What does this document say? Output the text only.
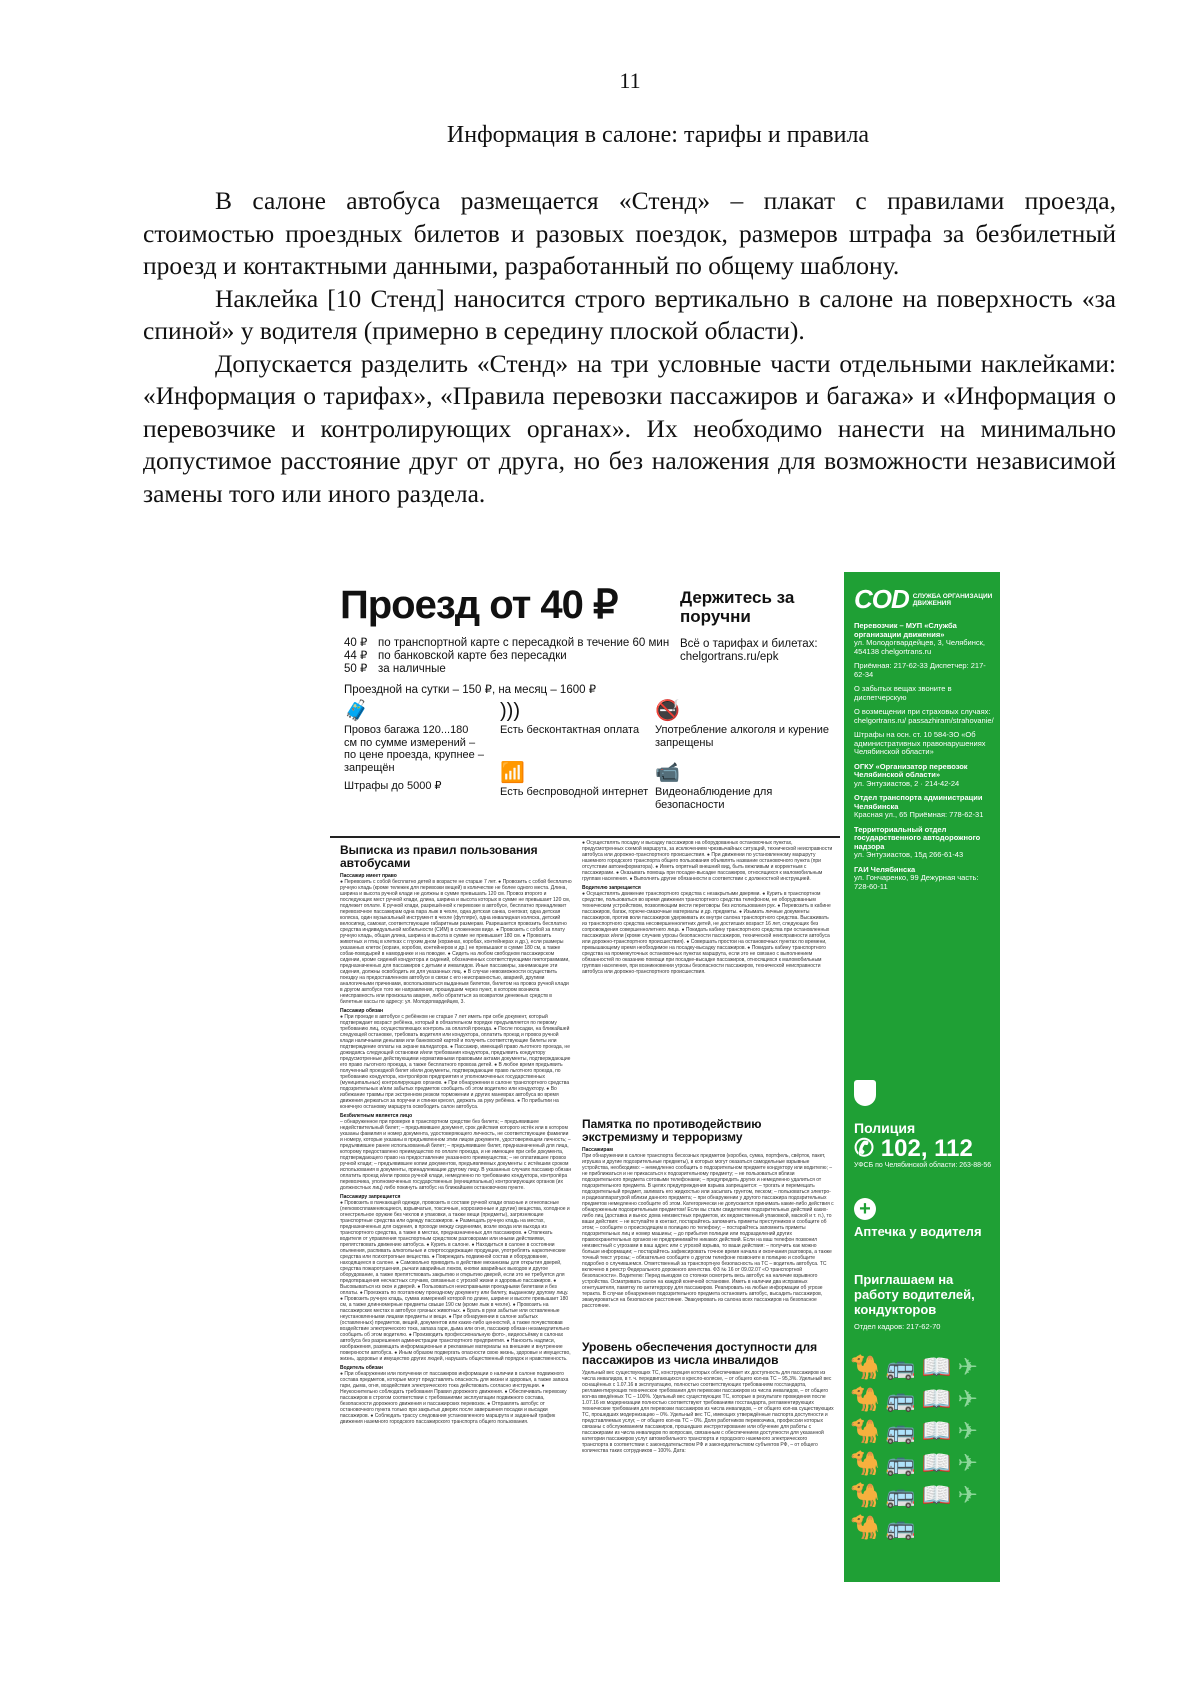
11
Информация в салоне: тарифы и правила

В салоне автобуса размещается «Стенд» – плакат с правилами проезда, стоимостью проездных билетов и разовых поездок, размеров штрафа за безбилетный проезд и контактными данными, разработанный по общему шаблону.

Наклейка [10 Стенд] наносится строго вертикально в салоне на поверхность «за спиной» у водителя (примерно в середину плоской области).

Допускается разделить «Стенд» на три условные части отдельными наклейками: «Информация о тарифах», «Правила перевозки пассажиров и багажа» и «Информация о перевозчике и контролирующих органах». Их необходимо нанести на минимально допустимое расстояние друг от друга, но без наложения для возможности независимой замены того или иного раздела.

Проезд от 40 ₽	Держитесь за поручни
40 ₽ по транспортной карте с пересадкой в течение 60 мин
44 ₽ по банковской карте без пересадки
50 ₽ за наличные
Проездной на сутки – 150 ₽, на месяц – 1600 ₽
Всё о тарифах и билетах: chelgortrans.ru/epk
🧳
Провоз багажа 120...180 см по сумме измерений – по цене проезда, крупнее – запрещён
Штрафы до 5000 ₽
)))
Есть бесконтактная оплата
📶
Есть беспроводной интернет
🚭
Употребление алкоголя и курение запрещены
📹
Видеонаблюдение для безопасности
Выписка из правил пользования автобусами
Пассажир имеет право

● Перевозить с собой бесплатно детей в возрасте не старше 7 лет. ● Провозить с собой бесплатно ручную кладь (кроме тележек для перевозки вещей) в количестве не более одного места. Длина, ширина и высота ручной клади не должны в сумме превышать 120 см. Провоз второго и последующих мест ручной клади, длина, ширина и высота которых в сумме не превышает 120 см, подлежит оплате. К ручной клади, разрешённой к перевозке в автобусе, бесплатно принадлежит перевозочное пассажирам одна пара лыж в чехле, одна детская санка, снегокат, одна детская коляска, один музыкальный инструмент в чехле (футляре), одна инвалидная коляска, детский велосипед, самокат, соответствующие габаритным размерам. Разрешается провозить бесплатно средства индивидуальной мобильности (СИМ) в сложенном виде. ● Провозить с собой за плату ручную кладь, общая длина, ширина и высота в сумме не превышает 180 см. ● Провозить животных и птиц в клетках с глухим дном (корзинах, коробах, контейнерах и др.), если размеры указанных клеток (корзин, коробов, контейнеров и др.) не превышают в сумме 180 см, а также собак-поводырей в наморднике и на поводке. ● Сидеть на любом свободном пассажирском сидении, кроме сидений кондуктора и сидений, обозначенных соответствующими пиктограммами, предназначенных для пассажиров с детьми и инвалидов. Иные пассажиры, занимающие эти сидения, должны освободить их для указанных лиц. ● В случае невозможности осуществить поездку на предоставленном автобусе в связи с его неисправностью, аварией, другими аналогичными причинами, воспользоваться выданным билетом, билетом на провоз ручной клади в другом автобусе того же направления, прошедшим через пункт, в котором возникла неисправность или произошла авария, либо обратиться за возвратом денежных средств в билетные кассы по адресу: ул. Молодогвардейцев, 3.

Пассажир обязан

● При проезде в автобусе с ребёнком не старше 7 лет иметь при себе документ, который подтверждает возраст ребёнка, который в обязательном порядке предъявляется по первому требованию лиц, осуществляющих контроль за оплатой проезда. ● После посадки, на ближайшей следующей остановке, требовать водителя или кондуктора, оплатить проезд и провоз ручной клади наличными деньгами или банковской картой и получить соответствующие билеты или подтверждение оплаты на экране валидатора. ● Пассажир, имеющий право льготного проезда, не дожидаясь следующей остановки и/или требования кондуктора, предъявить кондуктору предусмотренные действующими нормативными правовыми актами документы, подтверждающие его право льготного проезда, а также бесплатного провоза детей. ● В любое время предъявить полученный проездной билет и/или документы, подтверждающие право льготного проезда, по требованию кондуктора, контролёров предприятия и уполномоченных государственных (муниципальных) контролирующих органов. ● При обнаружении в салоне транспортного средства подозрительных и/или забытых предметов сообщить об этом водителю или кондуктору. ● Во избежание травмы при экстренном резком торможении и других маневрах автобуса во время движения держаться за поручни и спинки кресел, держать за руку ребёнка. ● По прибытии на конечную остановку маршрута освободить салон автобуса.

Безбилетным является лицо

– обнаруженное при проверке в транспортном средстве без билета; – предъявившее недействительный билет; – предъявившее документ, срок действия которого истёк или в котором указаны фамилия и номер документа, удостоверяющего личность, не соответствующие фамилии и номеру, которые указаны в предъявленном этим лицом документе, удостоверяющем личность; – предъявившее ранее использованный билет; – предъявившее билет, предназначенный для лица, которому предоставлено преимущество по оплате проезда, и не имеющее при себе документа, подтверждающего право на предоставление указанного преимущества; – не оплатившее провоз ручной клади; – предъявившее копии документов, предъявляемых документы с истёкшим сроком использования в документы, принадлежащие другому лицу. В указанных случаях пассажир обязан оплатить проезд и/или провоз ручной клади, немедленно по требованию кондуктора, контролёра перевозчика, уполномоченных государственных (муниципальных) контролирующих органов (их должностных лиц) либо покинуть автобус на ближайшем остановочном пункте.

Пассажиру запрещается

● Провозить в пачкающей одежде, провозить в составе ручной клади опасные и огнеопасные (легковоспламеняющиеся, взрывчатые, токсичные, коррозионные и другие) вещества, холодное и огнестрельное оружие без чехлов и упаковки, а также вещи (предметы), загрязняющие транспортные средства или одежду пассажиров. ● Размещать ручную кладь на местах, предназначенных для сидения, в проходе между сидениями, возле входа или выхода из транспортного средства, а также в местах, предназначенных для пассажиров. ● Отвлекать водителя от управления транспортным средством разговорами или иными действиями, препятствовать движению автобуса. ● Курить в салоне. ● Находиться в салоне в состоянии опьянения, распивать алкогольные и спиртосодержащие продукции, употреблять наркотические средства или психотропные вещества. ● Повреждать подвижной состав и оборудование, находящееся в салоне. ● Самовольно приводить в действие механизмы для открытия дверей, средства пожаротушения, рычаги аварийных люков, кнопки аварийных выходов и другое оборудование, а также препятствовать закрытию и открытию дверей, если это не требуется для предотвращения несчастных случаев, связанных с угрозой жизни и здоровью пассажиров. ● Высовываться из окон и дверей. ● Пользоваться неисправными проездными билетами и без оплаты. ● Проезжать по поэтапному проездному документу или билету, выданному другому лицу. ● Провозить ручную кладь, сумма измерений которой по длине, ширине и высоте превышает 180 см, а также длинномерные предметы свыше 190 см (кроме лыж в чехле). ● Провозить на пассажирских местах в автобусе грязных животных. ● Брать в руки забытые или оставленные неустановленными лицами предметы и вещи. ● При обнаружении в салоне забытых (оставленных) предметов, вещей, документов или каких-либо ценностей, а также почувствовав воздействие электрического тока, запаха гари, дыма или огня, пассажир обязан незамедлительно сообщить об этом водителю. ● Производить профессиональную фото-, видеосъёмку в салонах автобуса без разрешения администрации транспортного предприятия. ● Наносить надписи, изображения, размещать информационные и рекламные материалы на внешние и внутренние поверхности автобуса. ● Иным образом подвергать опасности свою жизнь, здоровье и имущество, жизнь, здоровье и имущество других людей, нарушать общественный порядок и нравственность.

Водитель обязан

● При обнаружении или получении от пассажиров информации о наличии в салоне подвижного состава предметов, которые могут представлять опасность для жизни и здоровья, а также запаха гари, дыма, огня, воздействия электрического тока действовать согласно инструкции. ● Неукоснительно соблюдать требования Правил дорожного движения. ● Обеспечивать перевозку пассажиров в строгом соответствии с требованиями эксплуатации подвижного состава, безопасности дорожного движения и пассажирских перевозок. ● Отправлять автобус от остановочного пункта только при закрытых дверях после завершения посадки и высадки пассажиров. ● Соблюдать трассу следования установленного маршрута и заданный график движения наземного городского пассажирского транспорта общего пользования.

● Осуществлять посадку и высадку пассажиров на оборудованных остановочных пунктах, предусмотренных схемой маршрута, за исключением чрезвычайных ситуаций, технической неисправности автобуса или дорожно-транспортного происшествия. ● При движении по установленному маршруту наземного городского транспорта общего пользования объявлять название остановочного пункта (при отсутствии автоинформатора). ● Иметь опрятный внешний вид, быть вежливым и корректным с пассажирами. ● Оказывать помощь при посадке-высадке пассажиров, относящихся к маломобильным группам населения. ● Выполнять другие обязанности в соответствии с должностной инструкцией.

Водителю запрещается

● Осуществлять движение транспортного средства с незакрытыми дверями. ● Курить в транспортном средстве, пользоваться во время движения транспортного средства телефоном, не оборудованным техническим устройством, позволяющим вести переговоры без использования рук. ● Перевозить в кабине пассажиров, багаж, горюче-смазочные материалы и др. предметы. ● Изымать личные документы пассажиров, против воли пассажиров удерживать их внутри салона транспортного средства. Высаживать из транспортного средства несовершеннолетних детей, не достигших возраст 16 лет, следующих без сопровождения совершеннолетнего лица. ● Покидать кабину транспортного средства при остановленных пассажирах и/или (кроме случаев угрозы безопасности пассажиров, технической неисправности автобуса или дорожно-транспортного происшествия). ● Совершать простои на остановочных пунктах по времени, превышающему время необходимое на посадку-высадку пассажиров. ● Покидать кабину транспортного средства на промежуточных остановочных пунктах маршрута, если это не связано с выполнением обязанностей по оказанию помощи при посадке-высадке пассажиров, относящихся к маломобильным группам населения, при возникновении угрозы безопасности пассажиров, технической неисправности автобуса или дорожно-транспортного происшествия.

Памятка по противодействию экстремизму и терроризму
Пассажирам

При обнаружении в салоне транспорта бесхозных предметов (коробка, сумка, портфель, свёрток, пакет, игрушка и другие подозрительные предметы), в которых могут оказаться самодельные взрывные устройства, необходимо: – немедленно сообщить о подозрительном предмете кондуктору или водителю; – не приближаться и не прикасаться к подозрительному предмету; – не пользоваться вблизи подозрительного предмета сотовыми телефонами; – предупредить других и немедленно удалиться от подозрительного предмета. В целях предупреждения взрыва запрещается: – трогать и перемещать подозрительный предмет, заливать его жидкостью или засыпать грунтом, песком; – пользоваться электро- и радиоаппаратурой вблизи данного предмета; – при обнаружении у другого пассажира подозрительных предметов немедленно сообщите об этом. Категорически не допускается принимать какие-либо действия с обнаруженным подозрительным предметом! Если вы стали свидетелем подозрительных действий каких-либо лиц (доставка и вынос дома неизвестных предметов, их ведомственный упаковкой, маской и т. п.), то ваши действия: – не вступайте в контакт, постарайтесь запомнить приметы преступников и сообщите об этом; – сообщите о происходящем в полицию по телефону; – постарайтесь запомнить приметы подозрительных лиц и номер машины; – до прибытия полиции или подразделений других правоохранительных органов не предпринимайте никаких действий. Если на ваш телефон позвонил неизвестный с угрозами в ваш адрес или с угрозой взрыва, то ваши действия: – получить как можно больше информации; – постарайтесь зафиксировать точное время начала и окончания разговора, а также точный текст угрозы; – обязательно сообщите о другом телефоне позвоните в полицию и сообщите подробно о случившемся. Ответственный за транспортную безопасность на ТС – водитель автобуса. ТС включено в реестр Федерального дорожного агентства. ФЗ № 16 от 09.02.07 «О транспортной безопасности». Водителю: Перед выездом со стоянки осмотреть весь автобус на наличие взрывного устройства. Осматривать салон на каждой конечной остановке. Иметь в наличии два исправных огнетушителя, памятку по антитеррору для пассажиров. Реагировать на любые информации об угрозе теракта. В случае обнаружения подозрительного предмета остановить автобус, высадить пассажиров, эвакуироваться на безопасное расстояние. Эвакуировать из салона всех пассажиров на безопасное расстояние.

Уровень обеспечения доступности для пассажиров из числа инвалидов

Удельный вес существующих ТС, конструкция которых обеспечивает их доступность для пассажиров из числа инвалидов, в т. ч. передвигающихся в кресло-коляске, – от общего кол-ва ТС – 95,3%. Удельный вес оснащённых с 1.07.16 в эксплуатацию, полностью соответствующих требованиям госстандарта, регламентирующих техническое требования для перевозки пассажиров из числа инвалидов, – от общего кол-ва введённых ТС – 100%. Удельный вес существующих ТС, которые в результате проведения после 1.07.16 их модернизации полностью соответствуют требованиям госстандарта, регламентирующих технические требования для перевозки пассажиров из числа инвалидов, – от общего кол-ва существующих ТС, прошедших модернизацию – 0%. Удельный вес ТС, имеющих утверждённые паспорта доступности и представляемых услуг, – от общего кол-ва ТС – 0%. Доля работников перевозчика, профессии которых связаны с обслуживанием пассажиров, прошедших инструктирование или обучение для работы с пассажирами из числа инвалидов по вопросам, связанным с обеспечением доступности для указанной категории пассажиров услуг автомобильного транспорта и городского наземного электрического транспорта в соответствии с законодательством РФ и законодательством субъектов РФ, – от общего количества таких сотрудников – 100%. Дата:

COD СЛУЖБА ОРГАНИЗАЦИИ ДВИЖЕНИЯ

Перевозчик – МУП «Служба организации движения»
ул. Молодогвардейцев, 3, Челябинск, 454138 chelgortrans.ru

Приёмная: 217-62-33 Диспетчер: 217-62-34

О забытых вещах звоните в диспетчерскую

О возмещении при страховых случаях: chelgortrans.ru/ passazhiram/strahovanie/

Штрафы на осн. ст. 10 584-ЗО «Об административных правонарушениях Челябинской области»

ОГКУ «Организатор перевозок Челябинской области»
ул. Энтузиастов, 2 · 214-42-24

Отдел транспорта администрации Челябинска
Красная ул., 65 Приёмная: 778-62-31

Территориальный отдел государственного автодорожного надзора
ул. Энтузиастов, 15д 266-61-43

ГАИ Челябинска
ул. Гончаренко, 99 Дежурная часть: 728-60-11

Полиция
✆ 102, 112
УФСБ по Челябинской области: 263-88-56
+
Аптечка у водителя
Приглашаем на работу водителей, кондукторов
Отдел кадров: 217-62-70
🐪🚌📖✈🐪🚌📖✈🐪🚌📖✈🐪🚌📖✈🐪🚌📖✈🐪🚌
